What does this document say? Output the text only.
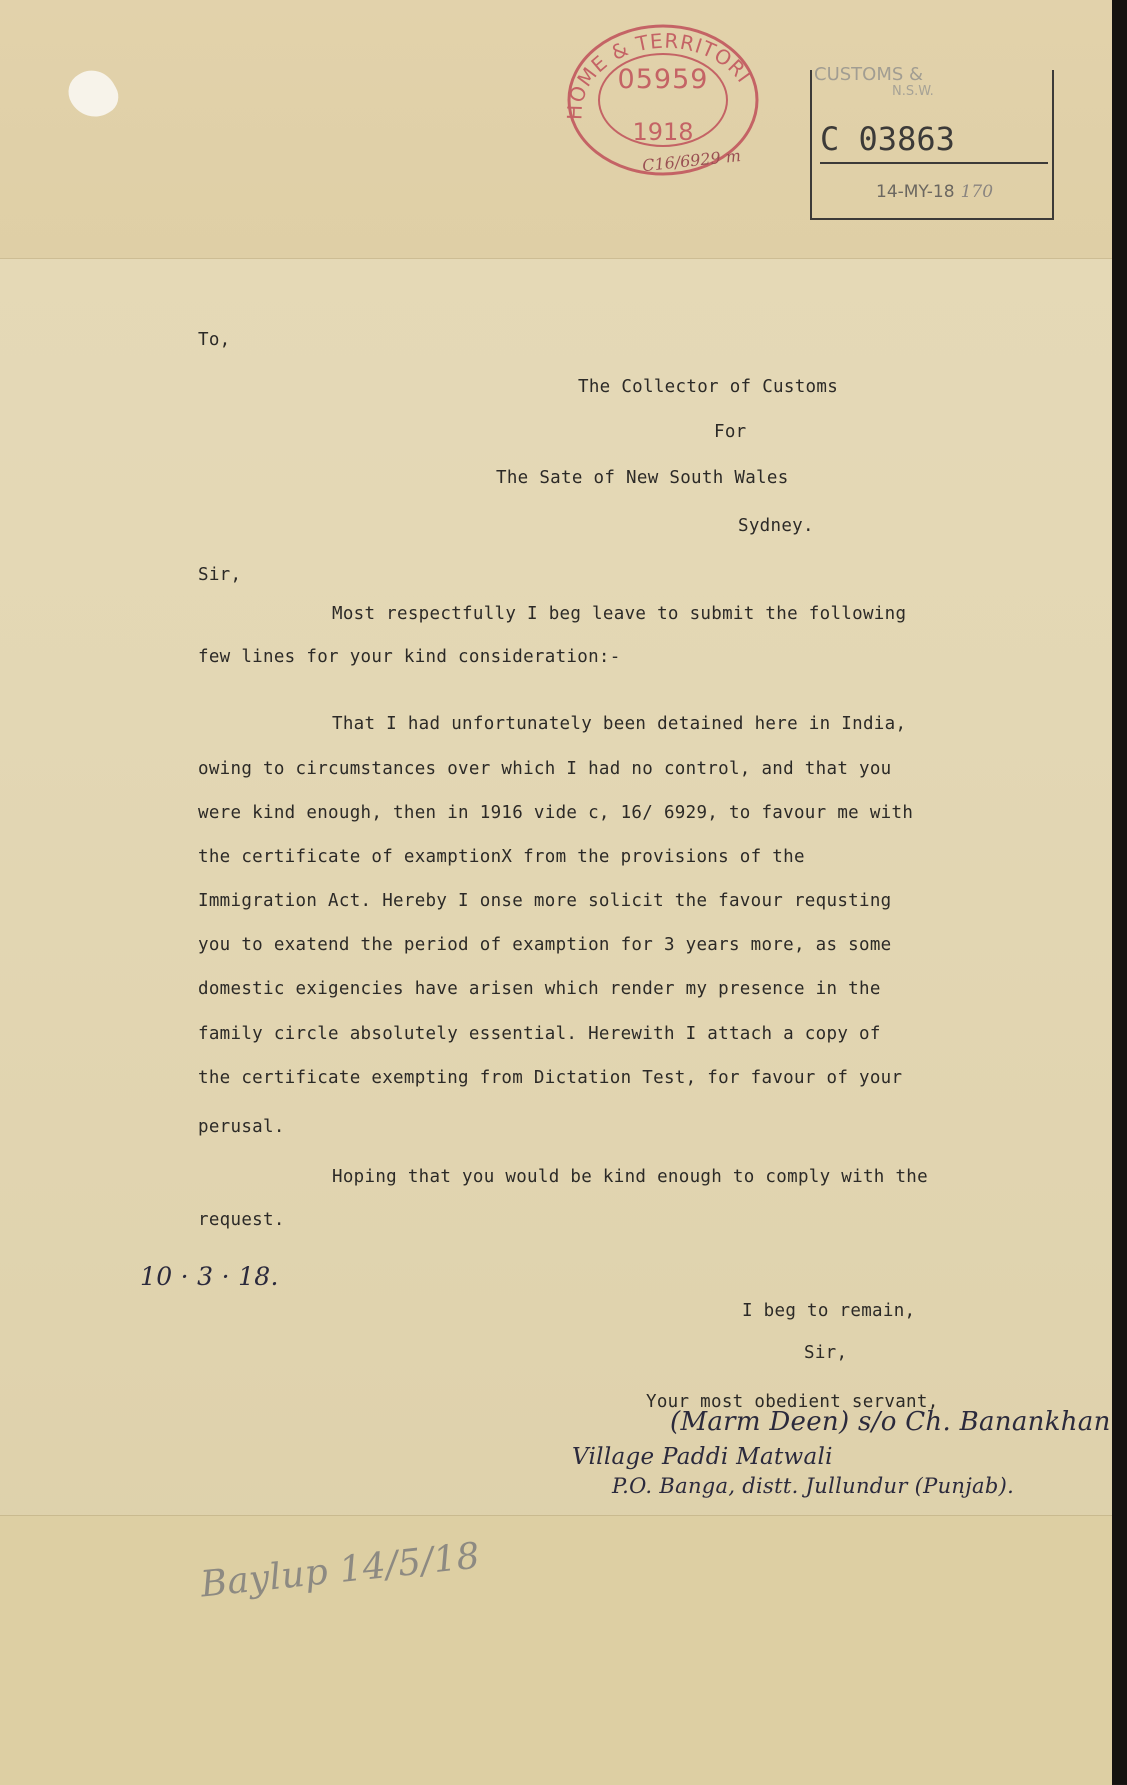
HOME & TERRITORI
05959
1918
C16/6929 m
CUSTOMS &
N.S.W.
C 03863
14-MY-18 170
To,
The Collector of Customs
For
The Sate of New South Wales
Sydney.
Sir,
Most respectfully I beg leave to submit the following
few lines for your kind consideration:-
That I had unfortunately been detained here in India,
owing to circumstances over which I had no control, and that you
were kind enough, then in 1916 vide c, 16/ 6929, to favour me with
the certificate of examptionX from the provisions of the
Immigration Act. Hereby I onse more solicit the favour requsting
you to exatend the period of examption for 3 years more, as some
domestic exigencies have arisen which render my presence in the
family circle absolutely essential. Herewith I attach a copy of
the certificate exempting from Dictation Test, for favour of your
perusal.
Hoping that you would be kind enough to comply with the
request.
10 · 3 · 18.
I beg to remain,
Sir,
Your most obedient servant,
(Marm Deen) s/o Ch. Banankhan
Village Paddi Matwali
P.O. Banga, distt. Jullundur (Punjab).
Baylup 14/5/18
